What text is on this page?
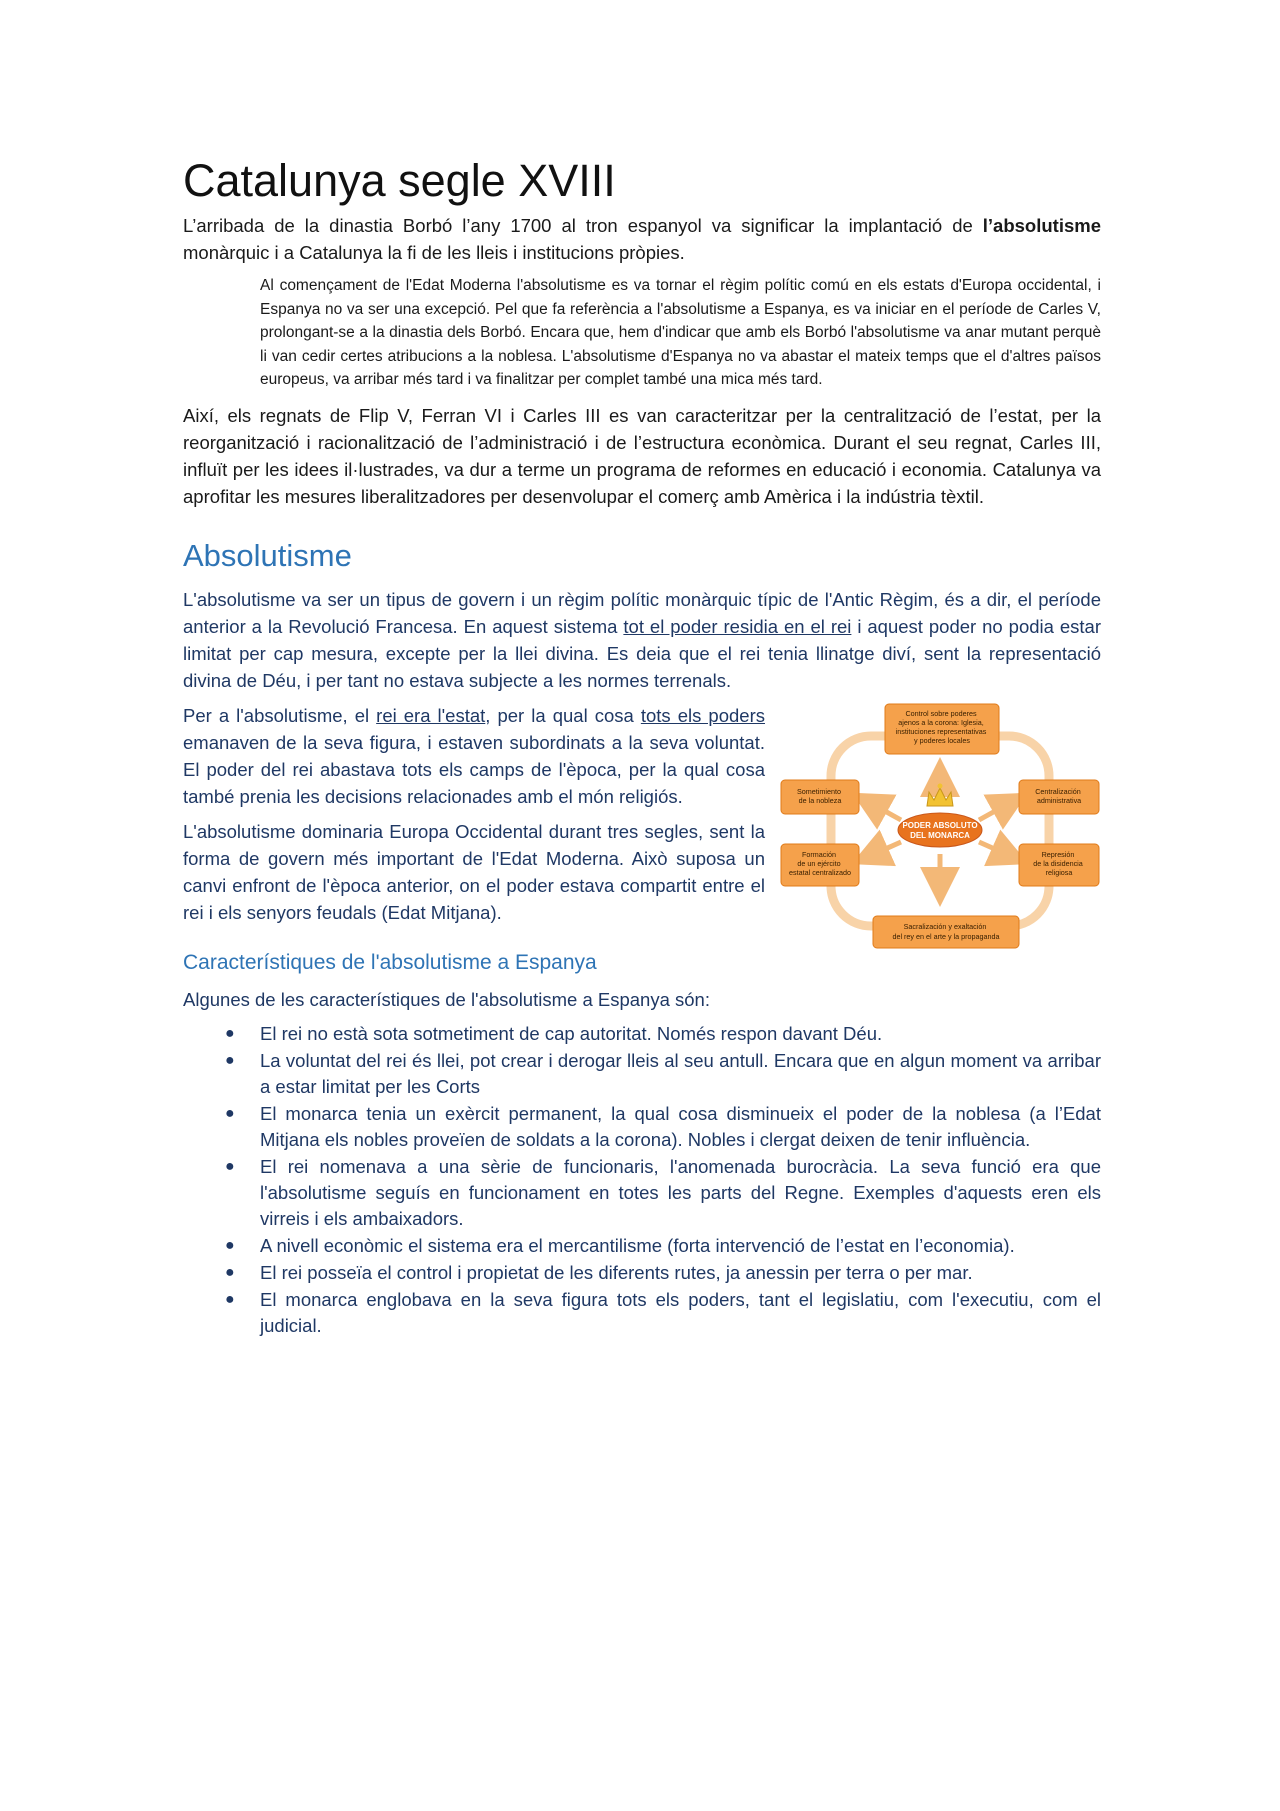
Catalunya segle XVIII

L’arribada de la dinastia Borbó l’any 1700 al tron espanyol va significar la implantació de l’absolutisme monàrquic i a Catalunya la fi de les lleis i institucions pròpies.

Al començament de l'Edat Moderna l'absolutisme es va tornar el règim polític comú en els estats d'Europa occidental, i Espanya no va ser una excepció. Pel que fa referència a l'absolutisme a Espanya, es va iniciar en el període de Carles V, prolongant-se a la dinastia dels Borbó. Encara que, hem d'indicar que amb els Borbó l'absolutisme va anar mutant perquè li van cedir certes atribucions a la noblesa. L'absolutisme d'Espanya no va abastar el mateix temps que el d'altres països europeus, va arribar més tard i va finalitzar per complet també una mica més tard.

Així, els regnats de Flip V, Ferran VI i Carles III es van caracteritzar per la centralització de l’estat, per la reorganització i racionalització de l’administració i de l’estructura econòmica. Durant el seu regnat, Carles III, influït per les idees il·lustrades, va dur a terme un programa de reformes en educació i economia. Catalunya va aprofitar les mesures liberalitzadores per desenvolupar el comerç amb Amèrica i la indústria tèxtil.

Absolutisme

L'absolutisme va ser un tipus de govern i un règim polític monàrquic típic de l'Antic Règim, és a dir, el període anterior a la Revolució Francesa. En aquest sistema tot el poder residia en el rei i aquest poder no podia estar limitat per cap mesura, excepte per la llei divina. Es deia que el rei tenia llinatge diví, sent la representació divina de Déu, i per tant no estava subjecte a les normes terrenals.

Per a l'absolutisme, el rei era l'estat, per la qual cosa tots els poders emanaven de la seva figura, i estaven subordinats a la seva voluntat. El poder del rei abastava tots els camps de l'època, per la qual cosa també prenia les decisions relacionades amb el món religiós.

L'absolutisme dominaria Europa Occidental durant tres segles, sent la forma de govern més important de l'Edat Moderna. Això suposa un canvi enfront de l'època anterior, on el poder estava compartit entre el rei i els senyors feudals (Edat Mitjana).

PODER ABSOLUTO
DEL MONARCA
Control sobre poderes ajenos a la corona: Iglesia, instituciones representativas y poderes locales
Sometimiento de la nobleza
Centralización administrativa
Formación de un ejército estatal centralizado
Represión de la disidencia religiosa
Sacralización y exaltación del rey en el arte y la propaganda
Característiques de l'absolutisme a Espanya

Algunes de les característiques de l'absolutisme a Espanya són:

● El rei no està sota sotmetiment de cap autoritat. Només respon davant Déu.
● La voluntat del rei és llei, pot crear i derogar lleis al seu antull. Encara que en algun moment va arribar a estar limitat per les Corts
● El monarca tenia un exèrcit permanent, la qual cosa disminueix el poder de la noblesa (a l’Edat Mitjana els nobles proveïen de soldats a la corona). Nobles i clergat deixen de tenir influència.
● El rei nomenava a una sèrie de funcionaris, l'anomenada burocràcia. La seva funció era que l'absolutisme seguís en funcionament en totes les parts del Regne. Exemples d'aquests eren els virreis i els ambaixadors.
● A nivell econòmic el sistema era el mercantilisme (forta intervenció de l’estat en l’economia).
● El rei posseïa el control i propietat de les diferents rutes, ja anessin per terra o per mar.
● El monarca englobava en la seva figura tots els poders, tant el legislatiu, com l'executiu, com el judicial.
